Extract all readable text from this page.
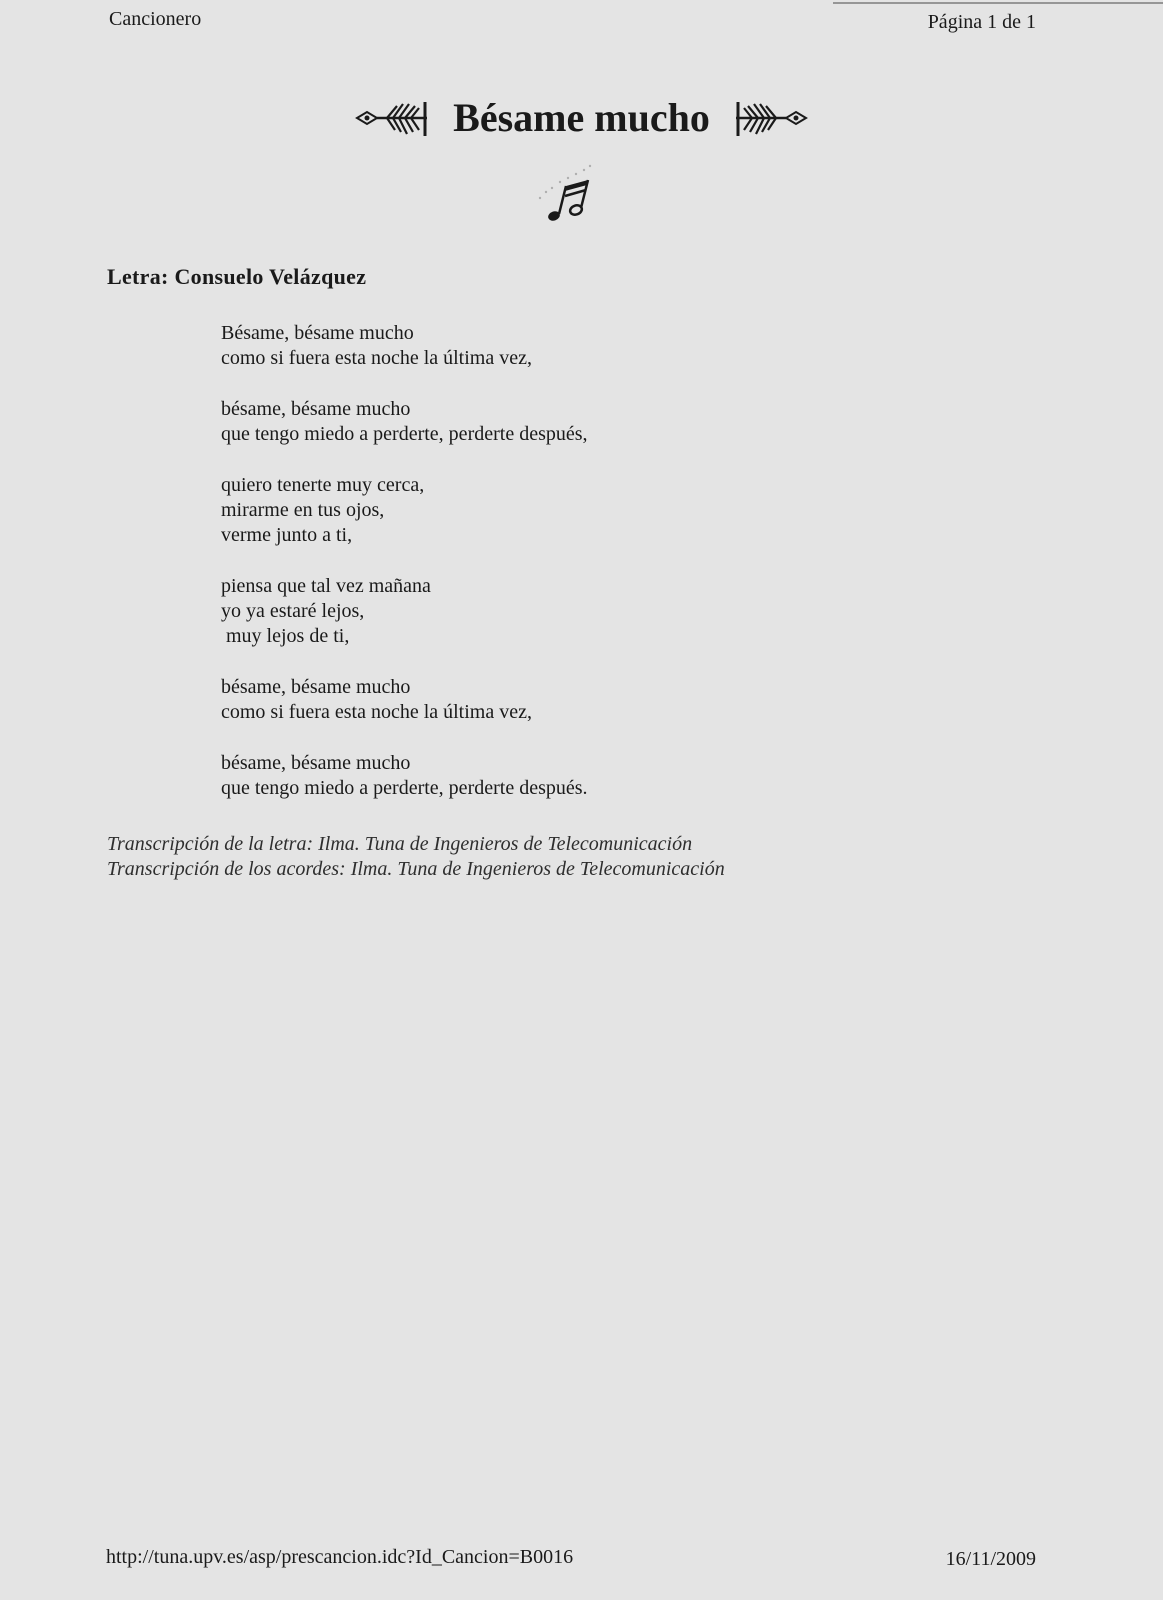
Cancionero	Página 1 de 1
Bésame mucho
Letra: Consuelo Velázquez
Bésame, bésame mucho
como si fuera esta noche la última vez,
bésame, bésame mucho
que tengo miedo a perderte, perderte después,
quiero tenerte muy cerca,
mirarme en tus ojos,
verme junto a ti,
piensa que tal vez mañana
yo ya estaré lejos,
muy lejos de ti,
bésame, bésame mucho
como si fuera esta noche la última vez,
bésame, bésame mucho
que tengo miedo a perderte, perderte después.
Transcripción de la letra: Ilma. Tuna de Ingenieros de Telecomunicación
Transcripción de los acordes: Ilma. Tuna de Ingenieros de Telecomunicación
http://tuna.upv.es/asp/prescancion.idc?Id_Cancion=B0016	16/11/2009
